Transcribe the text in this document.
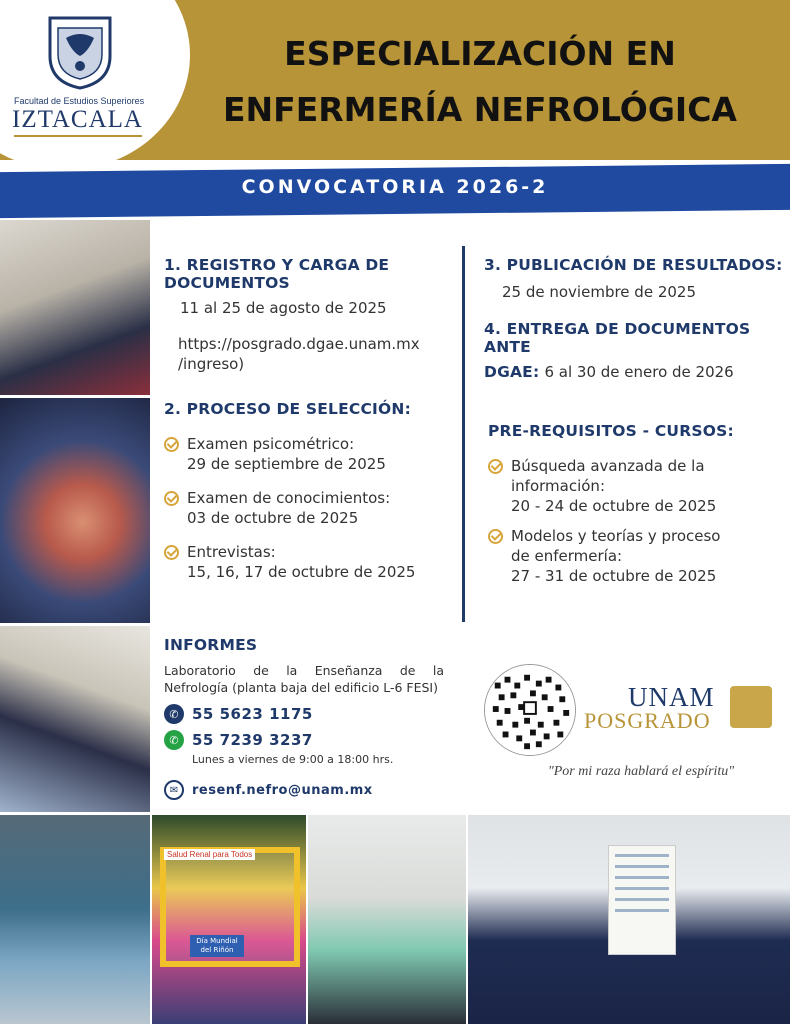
Facultad de Estudios Superiores
IZTACALA
ESPECIALIZACIÓN EN
ENFERMERÍA NEFROLÓGICA
CONVOCATORIA 2026-2
Salud Renal para Todos
Día Mundial del Riñón
1. REGISTRO Y CARGA DE DOCUMENTOS
11 al 25 de agosto de 2025
https://posgrado.dgae.unam.mx
/ingreso)
2. PROCESO DE SELECCIÓN:
Examen psicométrico:
29 de septiembre de 2025
Examen de conocimientos:
03 de octubre de 2025
Entrevistas:
15, 16, 17 de octubre de 2025
3. PUBLICACIÓN DE RESULTADOS:
25 de noviembre de 2025
4. ENTREGA DE DOCUMENTOS ANTE
DGAE: 6 al 30 de enero de 2026
PRE-REQUISITOS - CURSOS:
Búsqueda avanzada de la
información:
20 - 24 de octubre de 2025
Modelos y teorías y proceso
de enfermería:
27 - 31 de octubre de 2025
INFORMES
Laboratorio de la Enseñanza de la Nefrología (planta baja del edificio L-6 FESI)
✆ 55 5623 1175
✆ 55 7239 3237
Lunes a viernes de 9:00 a 18:00 hrs.
✉	resenf.nefro@unam.mx
UNAM
POSGRADO
"Por mi raza hablará el espíritu"
